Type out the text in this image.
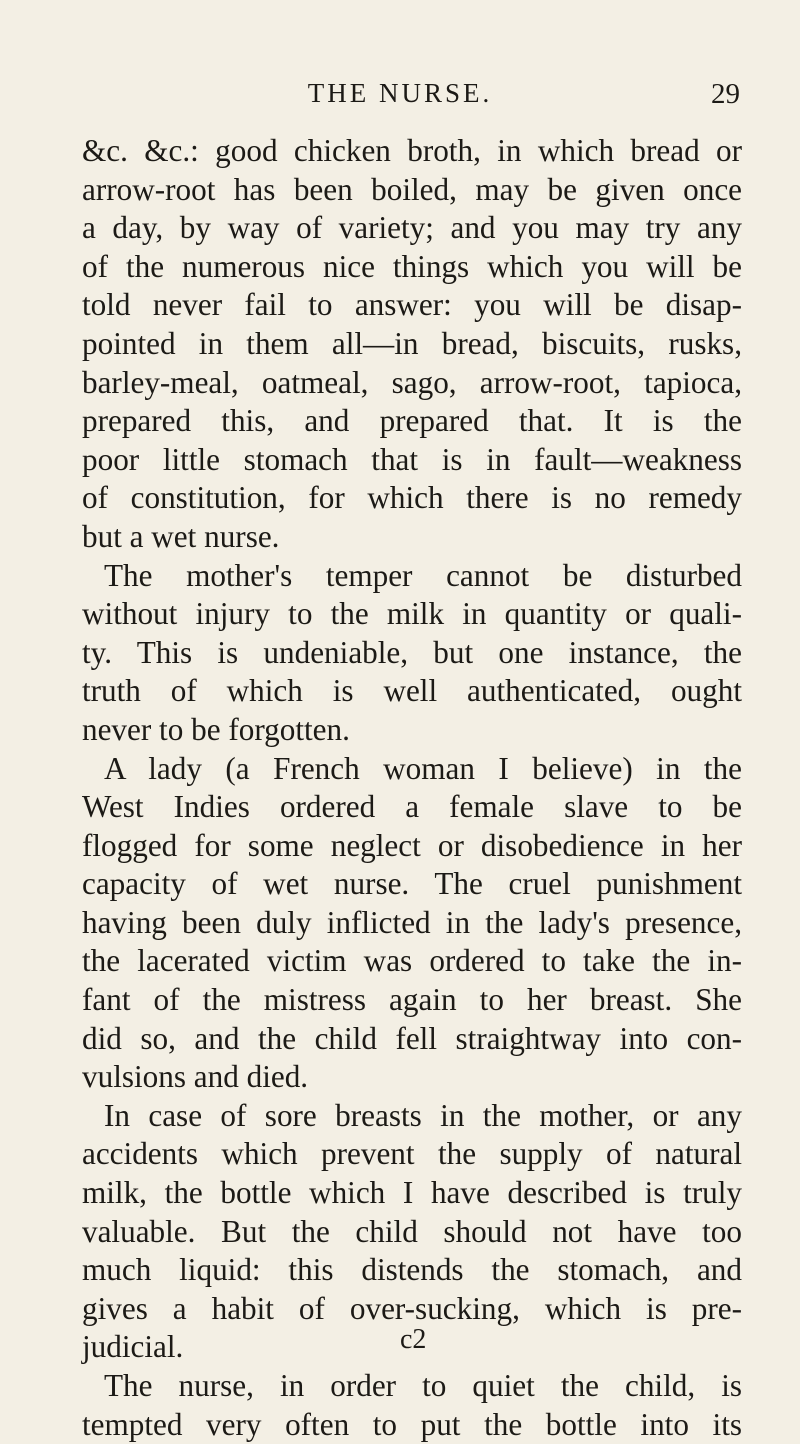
THE NURSE.	29
&c. &c.: good chicken broth, in which bread or
arrow-root has been boiled, may be given once
a day, by way of variety; and you may try any
of the numerous nice things which you will be
told never fail to answer: you will be disap-
pointed in them all—in bread, biscuits, rusks,
barley-meal, oatmeal, sago, arrow-root, tapioca,
prepared this, and prepared that. It is the
poor little stomach that is in fault—weakness
of constitution, for which there is no remedy
but a wet nurse.
The mother's temper cannot be disturbed
without injury to the milk in quantity or quali-
ty. This is undeniable, but one instance, the
truth of which is well authenticated, ought
never to be forgotten.
A lady (a French woman I believe) in the
West Indies ordered a female slave to be
flogged for some neglect or disobedience in her
capacity of wet nurse. The cruel punishment
having been duly inflicted in the lady's presence,
the lacerated victim was ordered to take the in-
fant of the mistress again to her breast. She
did so, and the child fell straightway into con-
vulsions and died.
In case of sore breasts in the mother, or any
accidents which prevent the supply of natural
milk, the bottle which I have described is truly
valuable. But the child should not have too
much liquid: this distends the stomach, and
gives a habit of over-sucking, which is pre-
judicial.
The nurse, in order to quiet the child, is
tempted very often to put the bottle into its
c2
